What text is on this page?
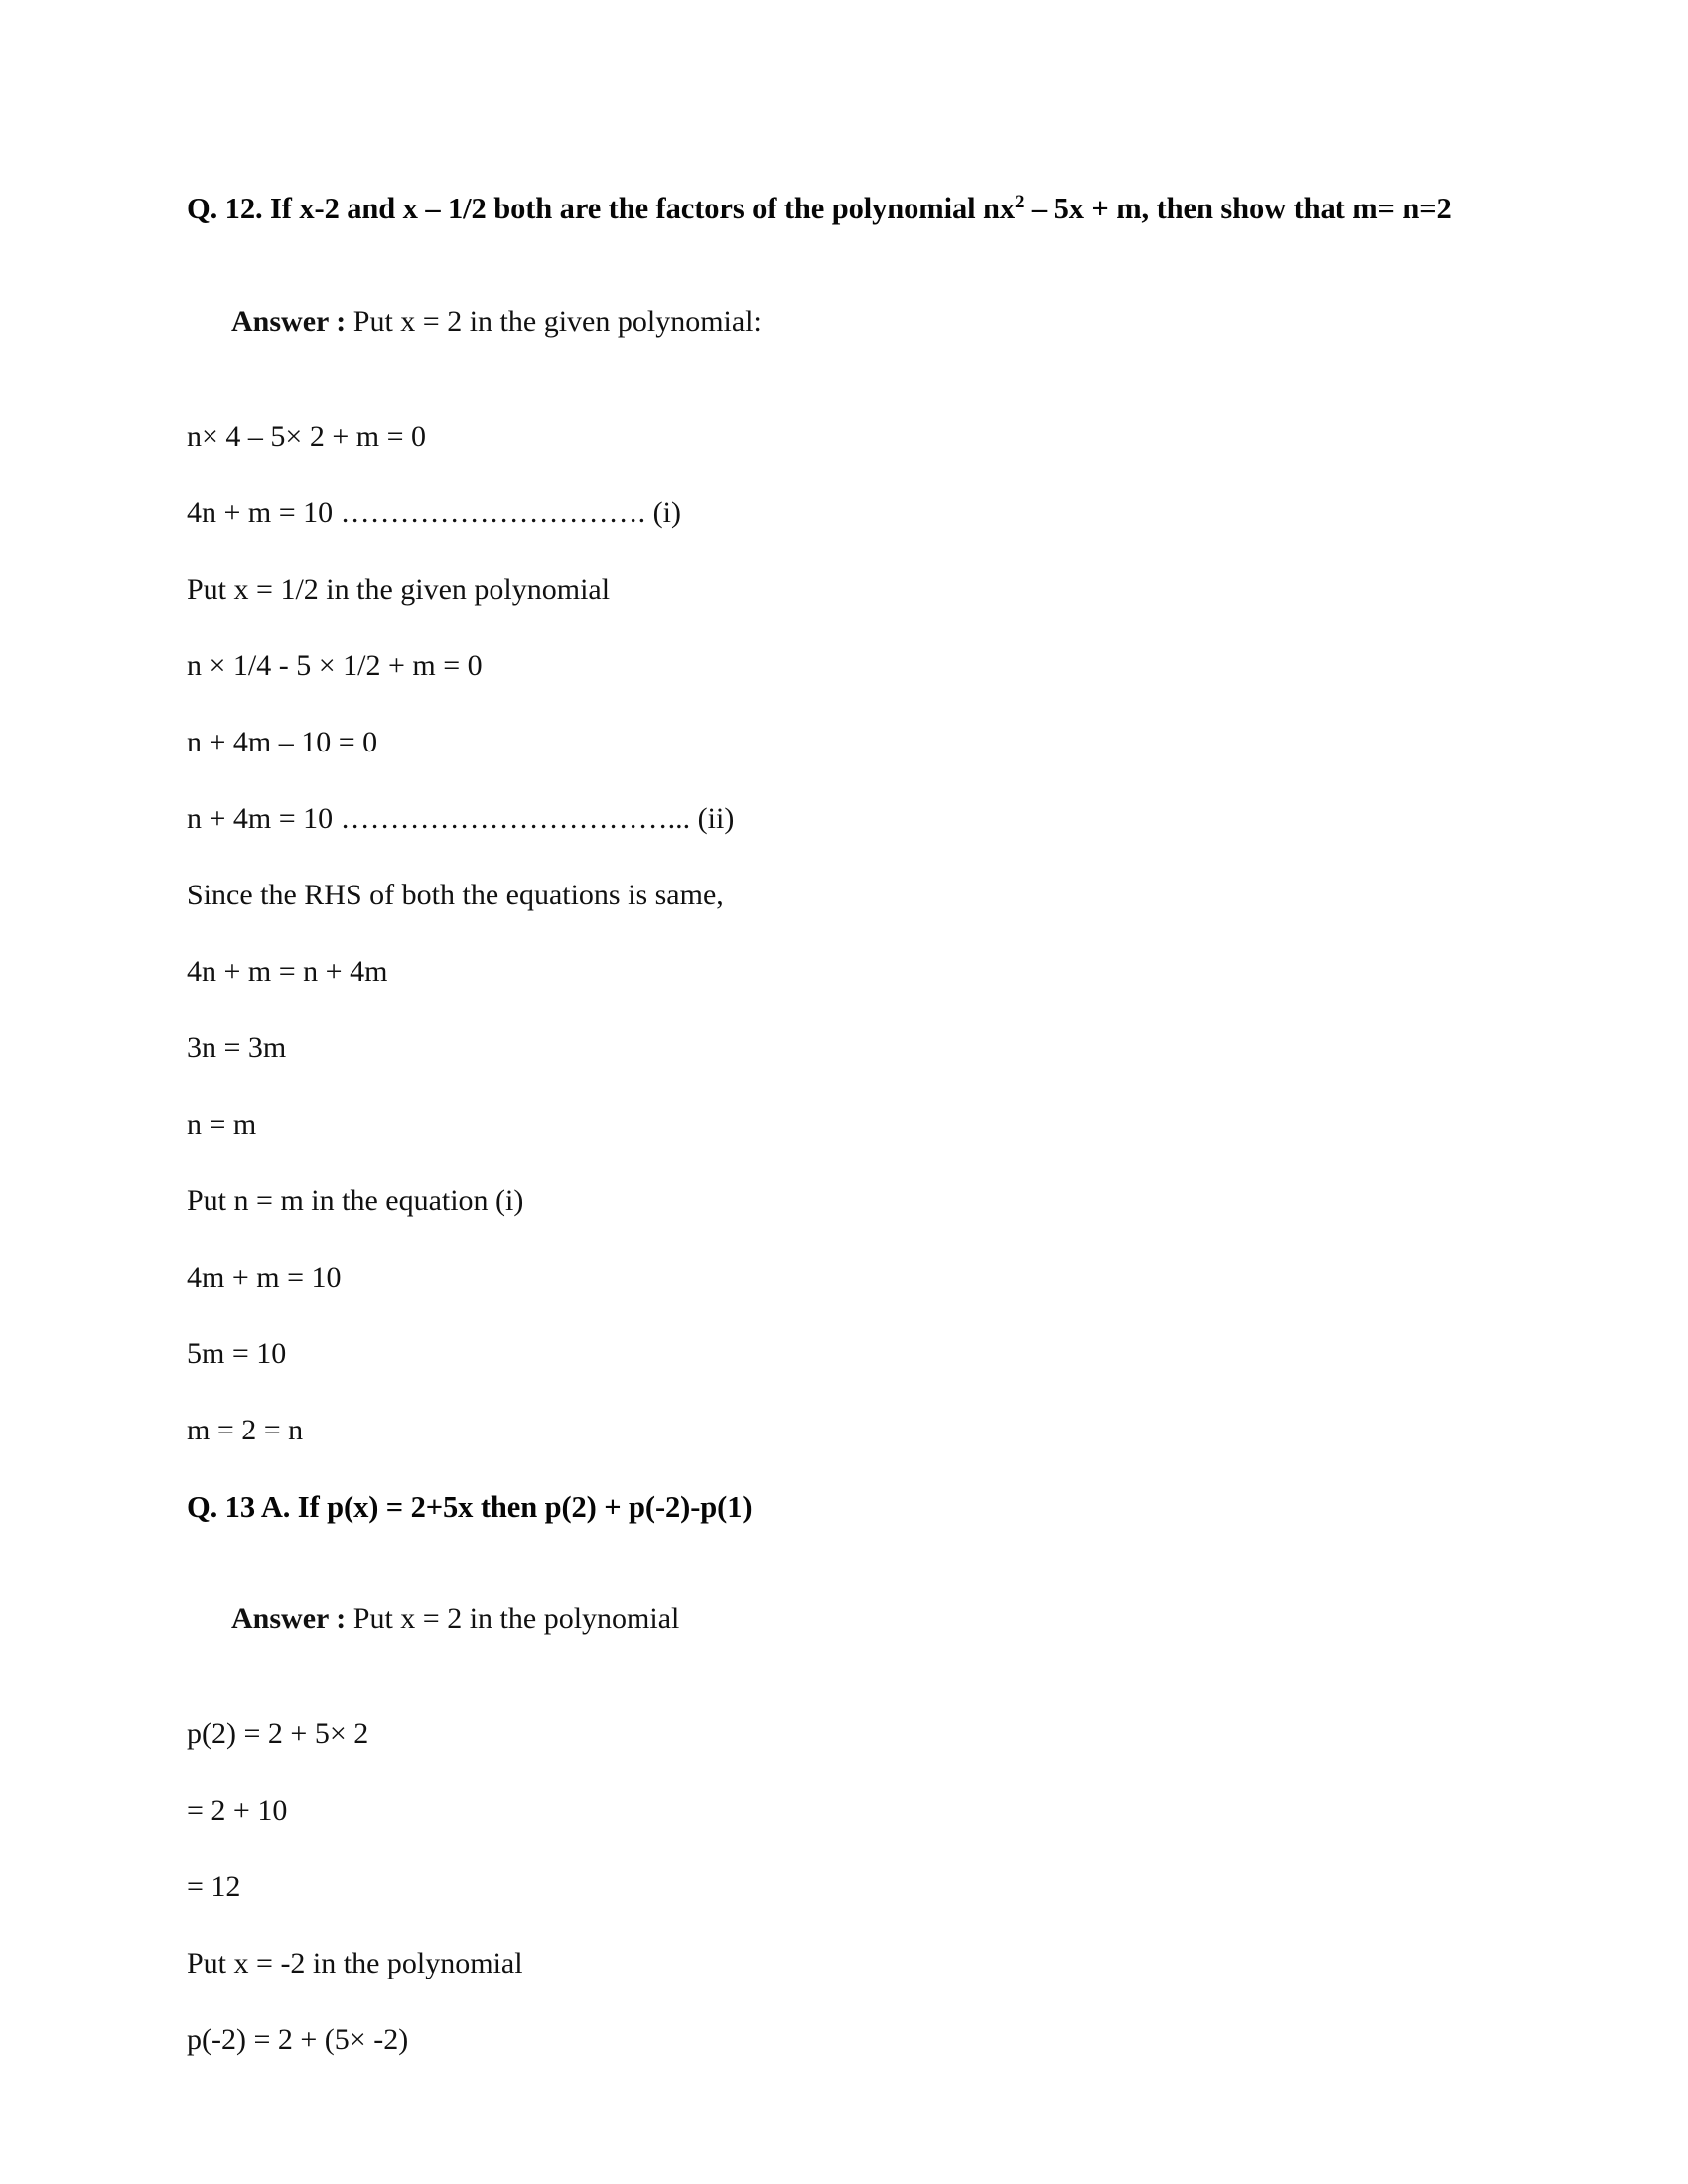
Q. 12. If x-2 and x – 1/2 both are the factors of the polynomial $nx^2 - 5x + m$, then show that m= n=2

Answer : Put x = 2 in the given polynomial:

n× 4 – 5× 2 + m = 0
4n + m = 10 …………………………. (i)
Put x = 1/2 in the given polynomial
n × 1/4 - 5 × 1/2 + m = 0
n + 4m – 10 = 0
n + 4m = 10 ……………………………... (ii)
Since the RHS of both the equations is same,
4n + m = n + 4m
3n = 3m
n = m
Put n = m in the equation (i)
4m + m = 10
5m = 10
m = 2 = n
Q. 13 A. If p(x) = 2+5x then p(2) + p(-2)-p(1)

Answer : Put x = 2 in the polynomial

p(2) = 2 + 5× 2
= 2 + 10
= 12
Put x = -2 in the polynomial
p(-2) = 2 + (5× -2)
